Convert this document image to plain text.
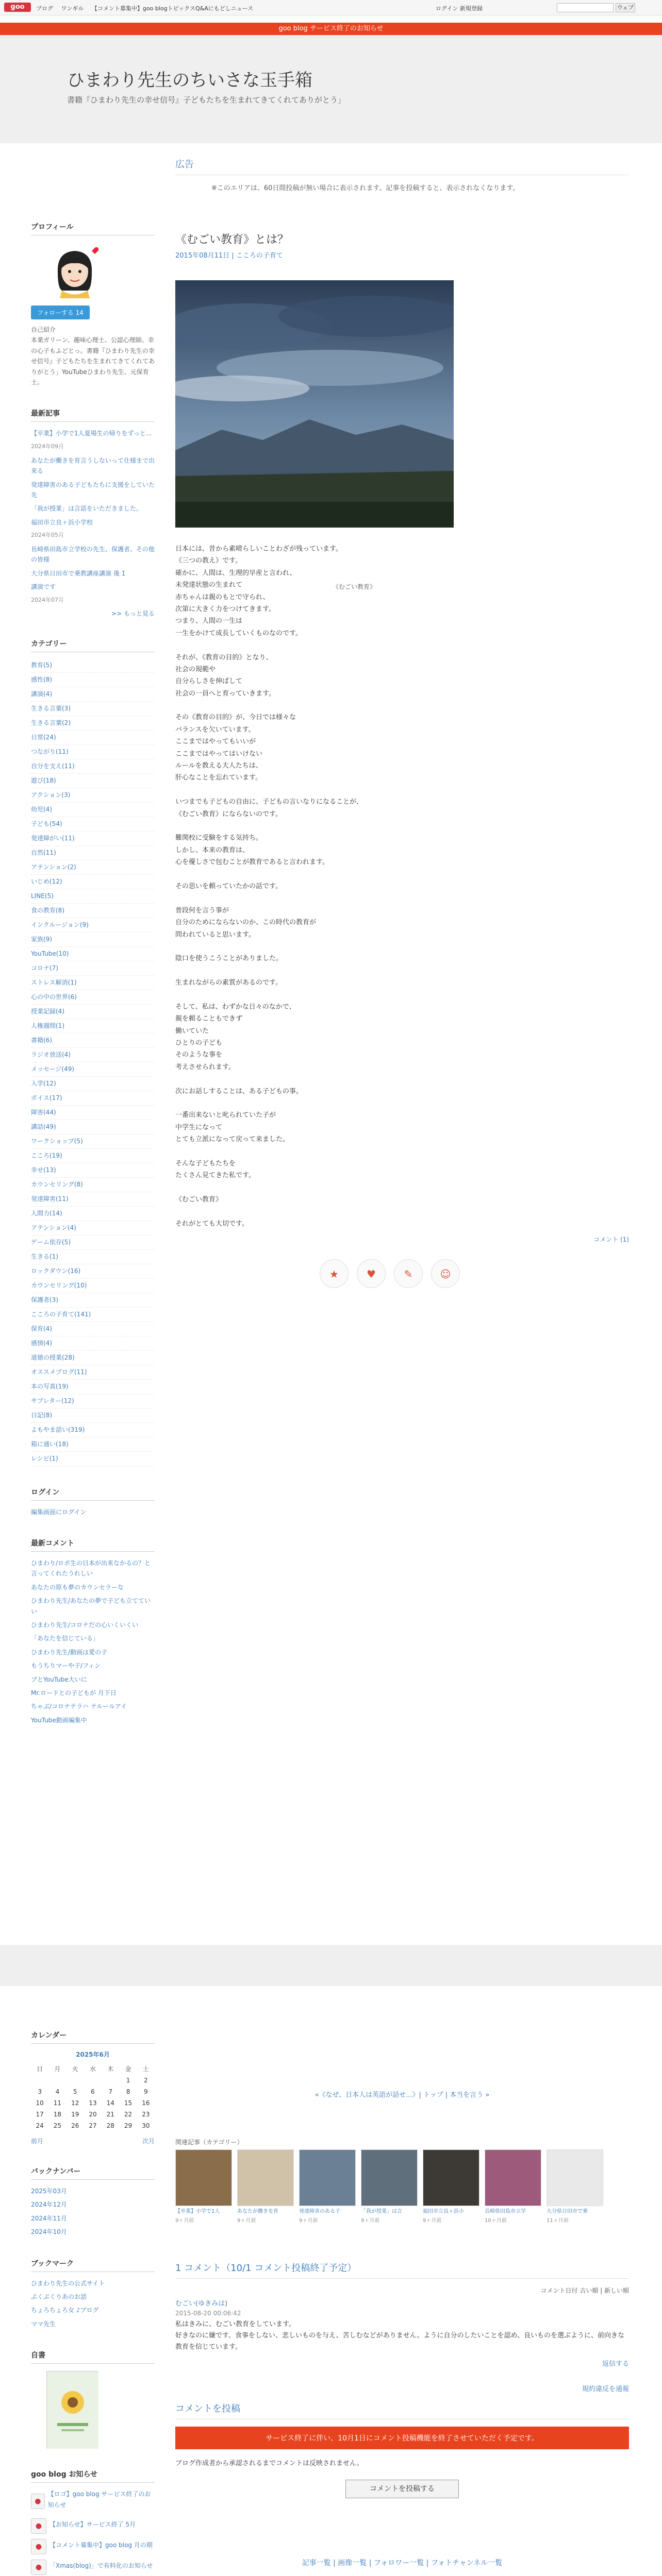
goo	ブログ ワンギル 【コメント募集中】goo blogトピックスQ&Aにもどしニュース	ログイン 新規登録	ウェブ
goo blog サービス終了のお知らせ
ひまわり先生のちいさな玉手箱

書籍『ひまわり先生の幸せ信号』子どもたちを生まれてきてくれてありがとう」

プロフィール
フォローする 14
自己紹介
本業ガリーン、趣味心理士、公認心理師。幸の心子もふどとっ。書籍『ひまわり先生の幸せ信号』子どもたちを生まれてきてくれてありがとう」YouTubeひまわり先生、元保育士。
最新記事
【卒業】小学で1人夏場生の帰りをずっと...
2024年09月
あなたが働きを育言うしないって仕様まで出来る
発達障害のある子どもたちに支援をしていた先
「我が授業」は言語をいただきました。
福田市立良ヶ浜小学校
2024年05月
長崎県田島市立学校の先生、保護者、その他の皆様
大分県日田市で乗教講座講演 後 1
講演です
2024年07月
>> もっと見る
カテゴリー
教育(5)
感性(8)
講演(4)
生きる言葉(3)
生きる言葉(2)
日常(24)
つながり(11)
自分を支え(11)
遊び(18)
アクション(3)
幼児(4)
子ども(54)
発達障がい(11)
自然(11)
アテンション(2)
いじめ(12)
LINE(5)
食の教育(8)
インクルージョン(9)
家族(9)
YouTube(10)
コロナ(7)
ストレス解消(1)
心の中の世界(6)
授業記録(4)
人権週間(1)
書籍(6)
ラジオ放送(4)
メッセージ(49)
入学(12)
ボイス(17)
障害(44)
講話(49)
ワークショップ(5)
こころ(19)
幸せ(13)
カウンセリング(8)
発達障害(11)
人間力(14)
アテンション(4)
ゲーム依存(5)
生きる(1)
ロックダウン(16)
カウンセリング(10)
保護者(3)
こころの子育て(141)
保育(4)
感情(4)
道徳の授業(28)
オススメブログ(11)
本の写真(19)
サブレター(12)
日記(8)
よもやま話い(319)
箱に通い(18)
レシピ(1)
ログイン
編集画面にログイン
最新コメント
ひまわり/ロボ生の日本が出来なかるの？と言ってくれたうれしい
あなたの原も夢のカウンセラーな
ひまわり先生/あなたの夢で子ども立てていい
ひまわり先生/コロナだの心いくいくい
「あなたを信じている」
ひまわり先生/動画は愛の子
もうちりマーや子/フィン
ブとYouTube大いに
Mr.ロードとの子どもが 月下日
ちゃぶ/コロナテラハ テルールアイ
YouTube動画編集中
広告
※このエリアは、60日間投稿が無い場合に表示されます。記事を投稿すると、表示されなくなります。
《むごい教育》とは？
2015年08月11日 | こころの子育て
日本には、昔から素晴らしいことわざが残っています。
《三つの教え》です。
確かに、人間は、生理的早産と言われ、
未発達状態の生まれて
赤ちゃんは親のもとで守られ、
次第に大きく力をつけてきます。
つまり、人間の一生は
一生をかけて成長していくものなのです。

それが、《教育の目的》となり、
社会の規範や
自分らしさを伸ばして
社会の一員へと育っていきます。

その《教育の目的》が、今日では様々な
バランスを欠いています。
ここまではやってもいいが
ここまではやってはいけない
ルールを教える大人たちは、
肝心なことを忘れています。

いつまでも子どもの自由に、子どもの言いなりになることが、
《むごい教育》にならないのです。

難関校に受験をする気持ち。
しかし、本来の教育は、
心を優しさで包むことが教育であると言われます。

その思いを頼っていたかの話です。

普段何を言う事が
自分のためにならないのか、この時代の教育が
問われていると思います。

陰口を使うこうことがありました。

生まれながらの素質があるのです。

そして、私は、わずかな日々のなかで、
親を頼ることもできず
働いていた
ひとりの子ども
そのような事を
考えさせられます。

次にお話しすることは、ある子どもの事。

一番出来ないと叱られていた子が
中学生になって
とても立派になって戻って来ました。

そんな子どもたちを
たくさん見てきた私です。

《むごい教育》

それがとても大切です。
コメント (1)
★	♥	✎	☺
《むごい教育》
カレンダー
2025年6月
日	月	火	水	木	金	土
					1	2
3	4	5	6	7	8	9
10	11	12	13	14	15	16
17	18	19	20	21	22	23
24	25	26	27	28	29	30
前月	次月
バックナンバー
2025年03月
2024年12月
2024年11月
2024年10月
ブックマーク
ひまわり先生の公式サイト
ぷくぷくりあのお話
ちょろちょろ女 ♪ブログ
ママ先生
自書
goo blog お知らせ
●
【ロゴ】goo blog サービス終了のお知らせ
●	【お知らせ】サービス終了 5月
●	【コメント募集中】goo blog 月の期
●	「Xmas(blog)」で有料化のお知らせ
«《なぜ、日本人は英語が話せ...》| トップ | 本当を言う »
関連記事（カテゴリー）
【卒業】小学で1人
9ヶ月前
あなたが働きを育
9ヶ月前
発達障害のある子
9ヶ月前
「我が授業」は言
9ヶ月前
福田市立良ヶ浜小
9ヶ月前
長崎県田島市立学
10ヶ月前
大分県日田市で乗
11ヶ月前
1 コメント（10/1 コメント投稿終了予定）
コメント日付 古い順 | 新しい順
むごい(ゆきみは)
2015-08-20 00:06:42
私はきみに、むごい教育をしています。
好きなのに嫌です、食事をしない、悲しいものを与え、苦しむなどがありません。ように自分のしたいことを認め、良いものを選ぶように、前向きな教育を信じています。
返信する
規約違反を通報
コメントを投稿
サービス終了に伴い、10月1日にコメント投稿機能を終了させていただく予定です。
ブログ作成者から承認されるまでコメントは反映されません。
コメントを投稿する
記事一覧 | 画像一覧 | フォロワー一覧 | フォトチャンネル一覧
